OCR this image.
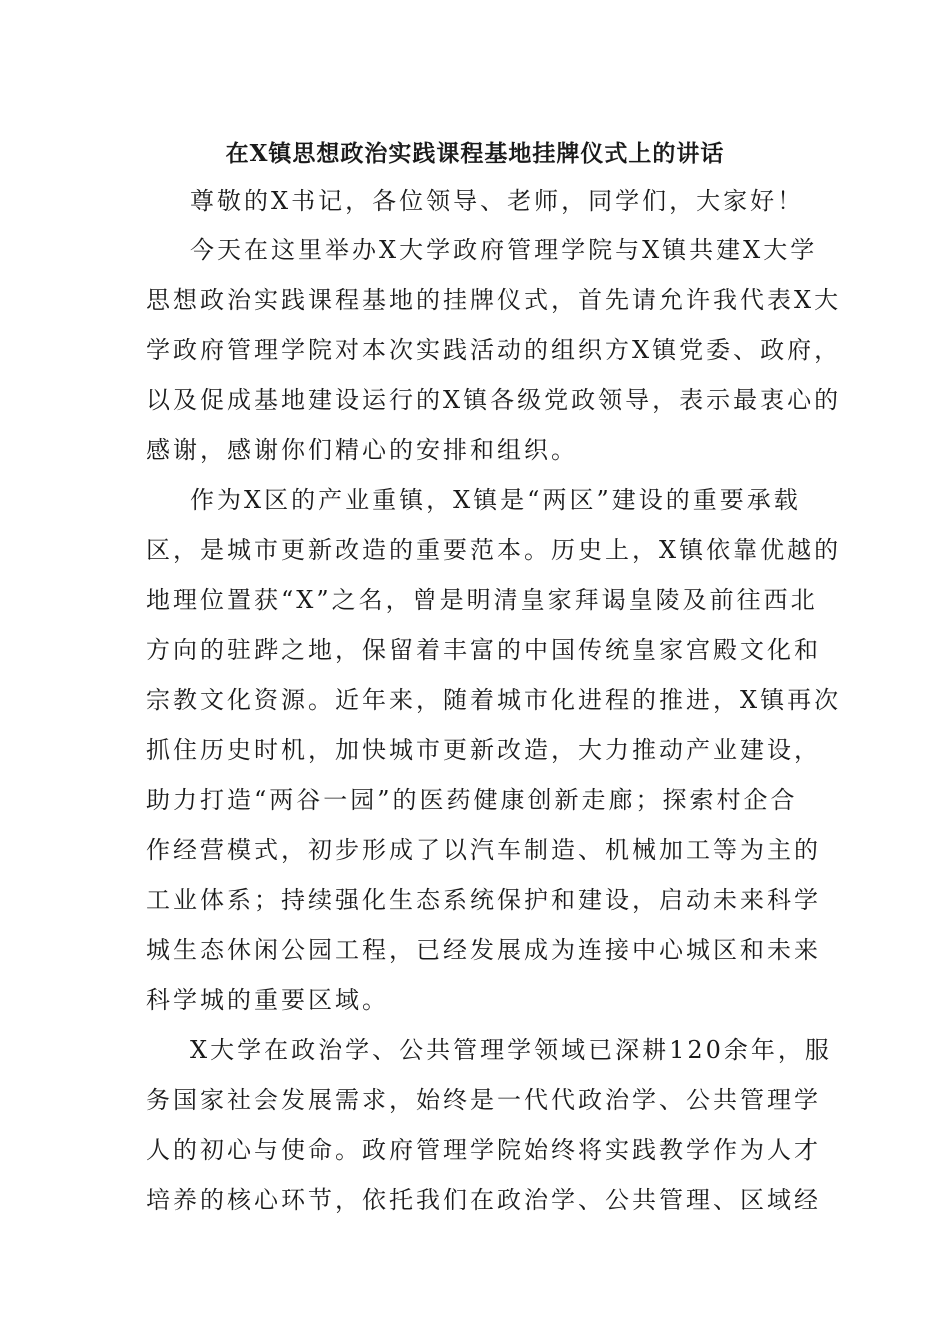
在X镇思想政治实践课程基地挂牌仪式上的讲话
尊敬的X书记，各位领导、老师，同学们，大家好！
今天在这里举办X大学政府管理学院与X镇共建X大学
思想政治实践课程基地的挂牌仪式，首先请允许我代表X大
学政府管理学院对本次实践活动的组织方X镇党委、政府，
以及促成基地建设运行的X镇各级党政领导，表示最衷心的
感谢，感谢你们精心的安排和组织。
作为X区的产业重镇，X镇是“两区”建设的重要承载
区，是城市更新改造的重要范本。历史上，X镇依靠优越的
地理位置获“X”之名，曾是明清皇家拜谒皇陵及前往西北
方向的驻跸之地，保留着丰富的中国传统皇家宫殿文化和
宗教文化资源。近年来，随着城市化进程的推进，X镇再次
抓住历史时机，加快城市更新改造，大力推动产业建设，
助力打造“两谷一园”的医药健康创新走廊；探索村企合
作经营模式，初步形成了以汽车制造、机械加工等为主的
工业体系；持续强化生态系统保护和建设，启动未来科学
城生态休闲公园工程，已经发展成为连接中心城区和未来
科学城的重要区域。
X大学在政治学、公共管理学领域已深耕120余年，服
务国家社会发展需求，始终是一代代政治学、公共管理学
人的初心与使命。政府管理学院始终将实践教学作为人才
培养的核心环节，依托我们在政治学、公共管理、区域经
